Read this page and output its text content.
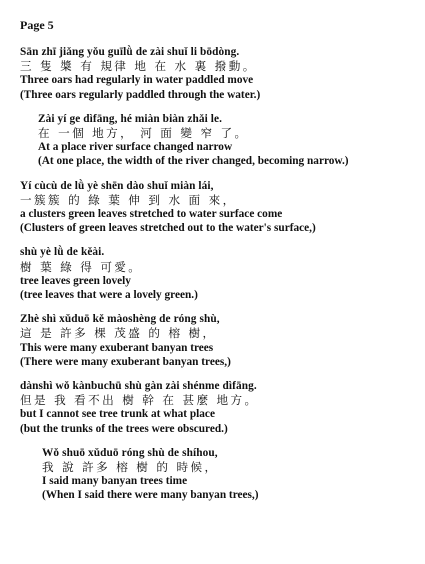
Page 5
Sān zhī jiǎng yǒu guīlǜ de zài shuǐ li bōdòng.
三 隻 槳 有 規律 地 在 水 裏 撥動。
Three oars had regularly in water paddled move
(Three oars regularly paddled through the water.)
Zài yí ge dìfāng, hé miàn biàn zhǎi le.
在 一個 地方， 河 面 變 窄 了。
At a place river surface changed narrow
(At one place, the width of the river changed, becoming narrow.)
Yí cùcù de lǜ yè shēn dào shuǐ miàn lái,
一簇簇 的 綠 葉 伸 到 水 面 來，
a clusters green leaves stretched to water surface come
(Clusters of green leaves stretched out to the water's surface,)
shù yè lǜ de kěài.
樹 葉 綠 得 可愛。
tree leaves green lovely
(tree leaves that were a lovely green.)
Zhè shì xǔduō kě màoshèng de róng shù,
這 是 許多 棵 茂盛 的 榕 樹，
This were many exuberant banyan trees
(There were many exuberant banyan trees,)
dànshì wǒ kànbuchū shù gàn zài shénme dìfāng.
但是 我 看不出 樹 幹 在 甚麼 地方。
but I cannot see tree trunk at what place
(but the trunks of the trees were obscured.)
Wǒ shuō xǔduō róng shù de shíhou,
我 說 許多 榕 樹 的 時候，
I said many banyan trees time
(When I said there were many banyan trees,)
